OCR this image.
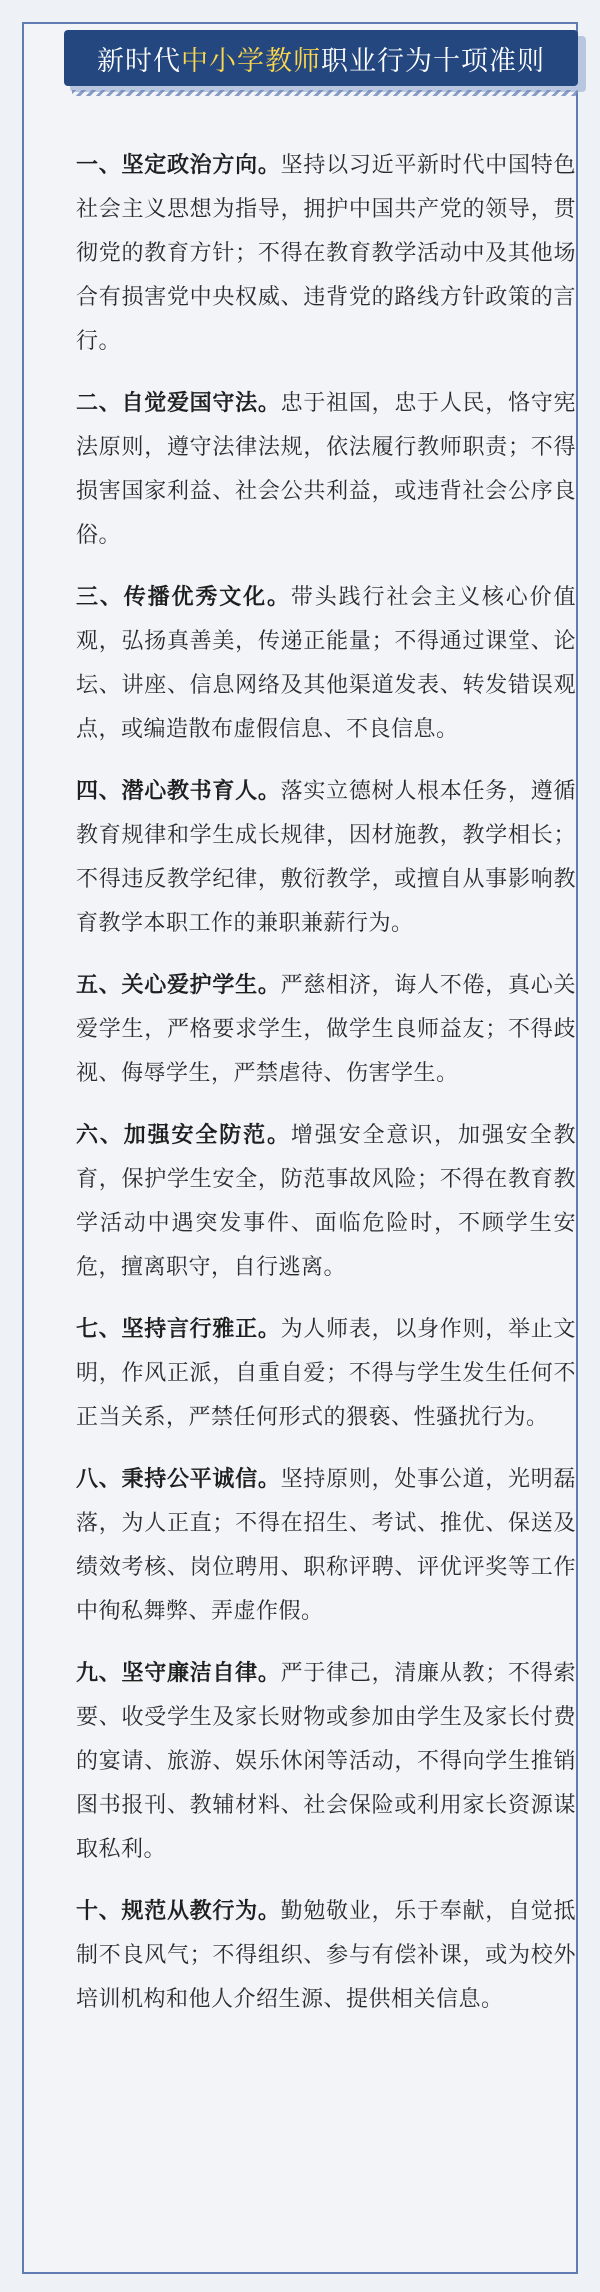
新时代 中小学教师 职业行为十项准则

一、坚定政治方向。坚持以习近平新时代中国特色社会主义思想为指导，拥护中国共产党的领导，贯彻党的教育方针；不得在教育教学活动中及其他场合有损害党中央权威、违背党的路线方针政策的言行。

二、自觉爱国守法。忠于祖国，忠于人民，恪守宪法原则，遵守法律法规，依法履行教师职责；不得损害国家利益、社会公共利益，或违背社会公序良俗。

三、传播优秀文化。带头践行社会主义核心价值观，弘扬真善美，传递正能量；不得通过课堂、论坛、讲座、信息网络及其他渠道发表、转发错误观点，或编造散布虚假信息、不良信息。

四、潜心教书育人。落实立德树人根本任务，遵循教育规律和学生成长规律，因材施教，教学相长；不得违反教学纪律，敷衍教学，或擅自从事影响教育教学本职工作的兼职兼薪行为。

五、关心爱护学生。严慈相济，诲人不倦，真心关爱学生，严格要求学生，做学生良师益友；不得歧视、侮辱学生，严禁虐待、伤害学生。

六、加强安全防范。增强安全意识，加强安全教育，保护学生安全，防范事故风险；不得在教育教学活动中遇突发事件、面临危险时，不顾学生安危，擅离职守，自行逃离。

七、坚持言行雅正。为人师表，以身作则，举止文明，作风正派，自重自爱；不得与学生发生任何不正当关系，严禁任何形式的猥亵、性骚扰行为。

八、秉持公平诚信。坚持原则，处事公道，光明磊落，为人正直；不得在招生、考试、推优、保送及绩效考核、岗位聘用、职称评聘、评优评奖等工作中徇私舞弊、弄虚作假。

九、坚守廉洁自律。严于律己，清廉从教；不得索要、收受学生及家长财物或参加由学生及家长付费的宴请、旅游、娱乐休闲等活动，不得向学生推销图书报刊、教辅材料、社会保险或利用家长资源谋取私利。

十、规范从教行为。勤勉敬业，乐于奉献，自觉抵制不良风气；不得组织、参与有偿补课，或为校外培训机构和他人介绍生源、提供相关信息。
